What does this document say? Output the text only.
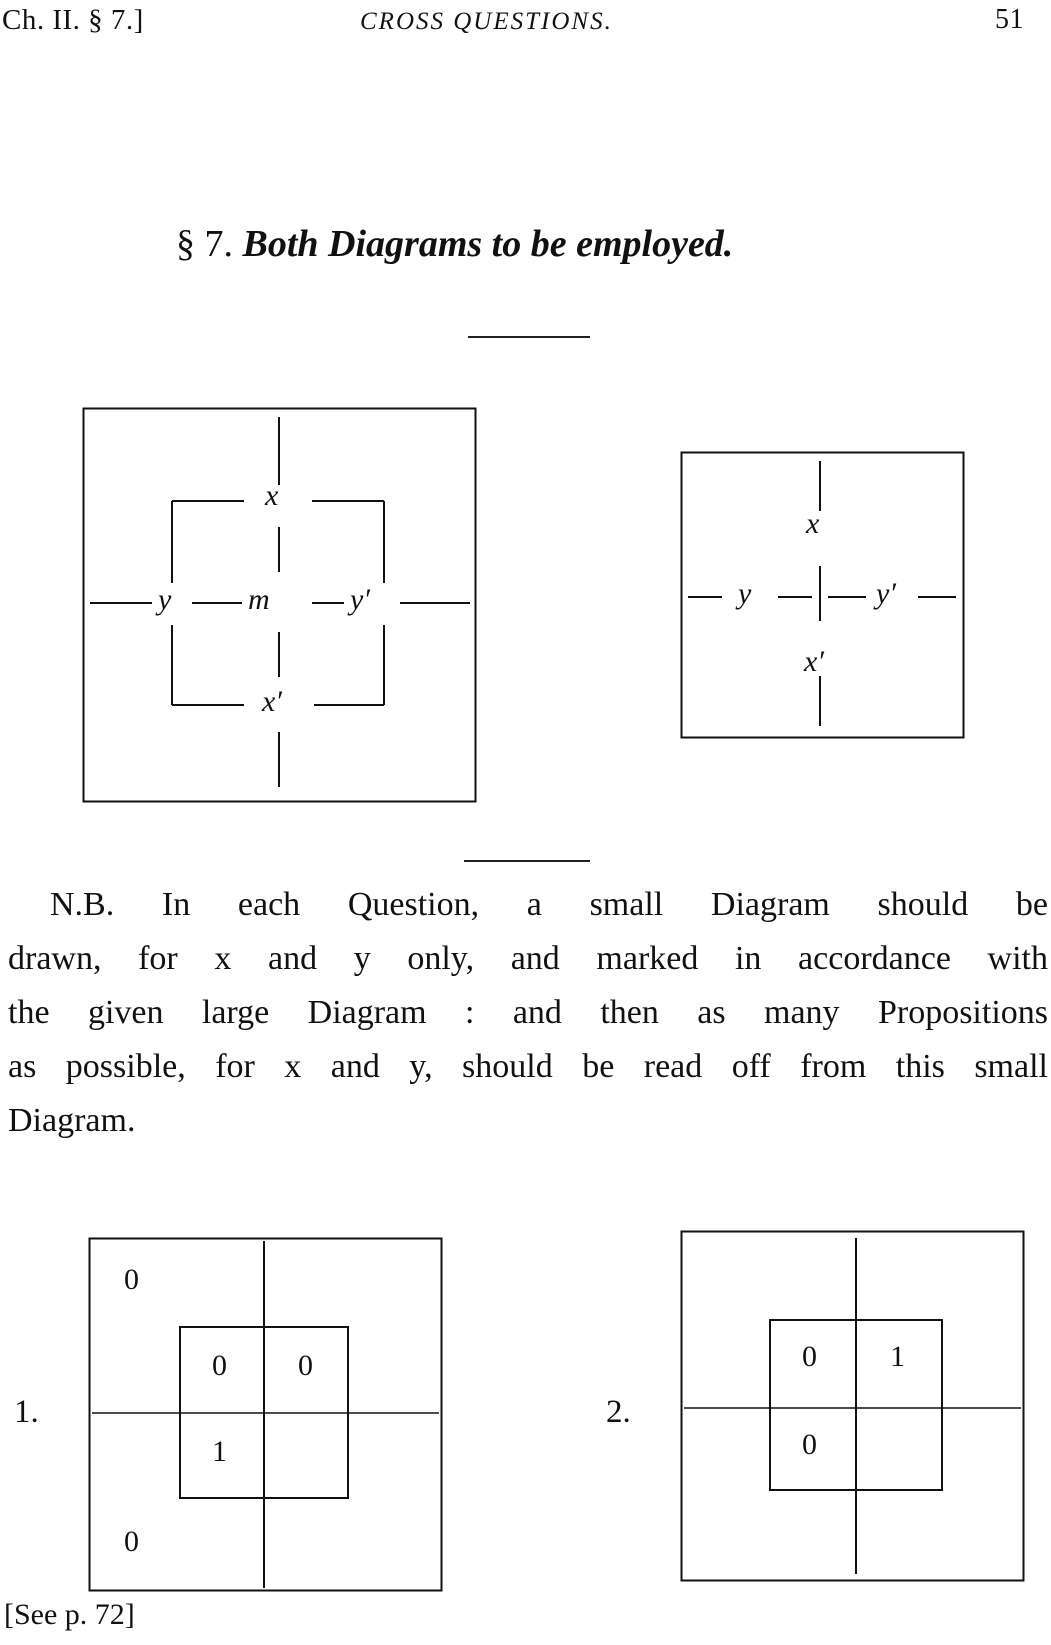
Ch. II. § 7.]	CROSS QUESTIONS.	51
§ 7. Both Diagrams to be employed.
x
y	m	y′
x′
x
y	y′
x′

N.B. In each Question, a small Diagram should be

drawn, for x and y only, and marked in accordance with

the given large Diagram : and then as many Propositions

as possible, for x and y, should be read off from this small

Diagram.

1.
0
0 0
1
0
2.
0 1
0
[See p. 72]
